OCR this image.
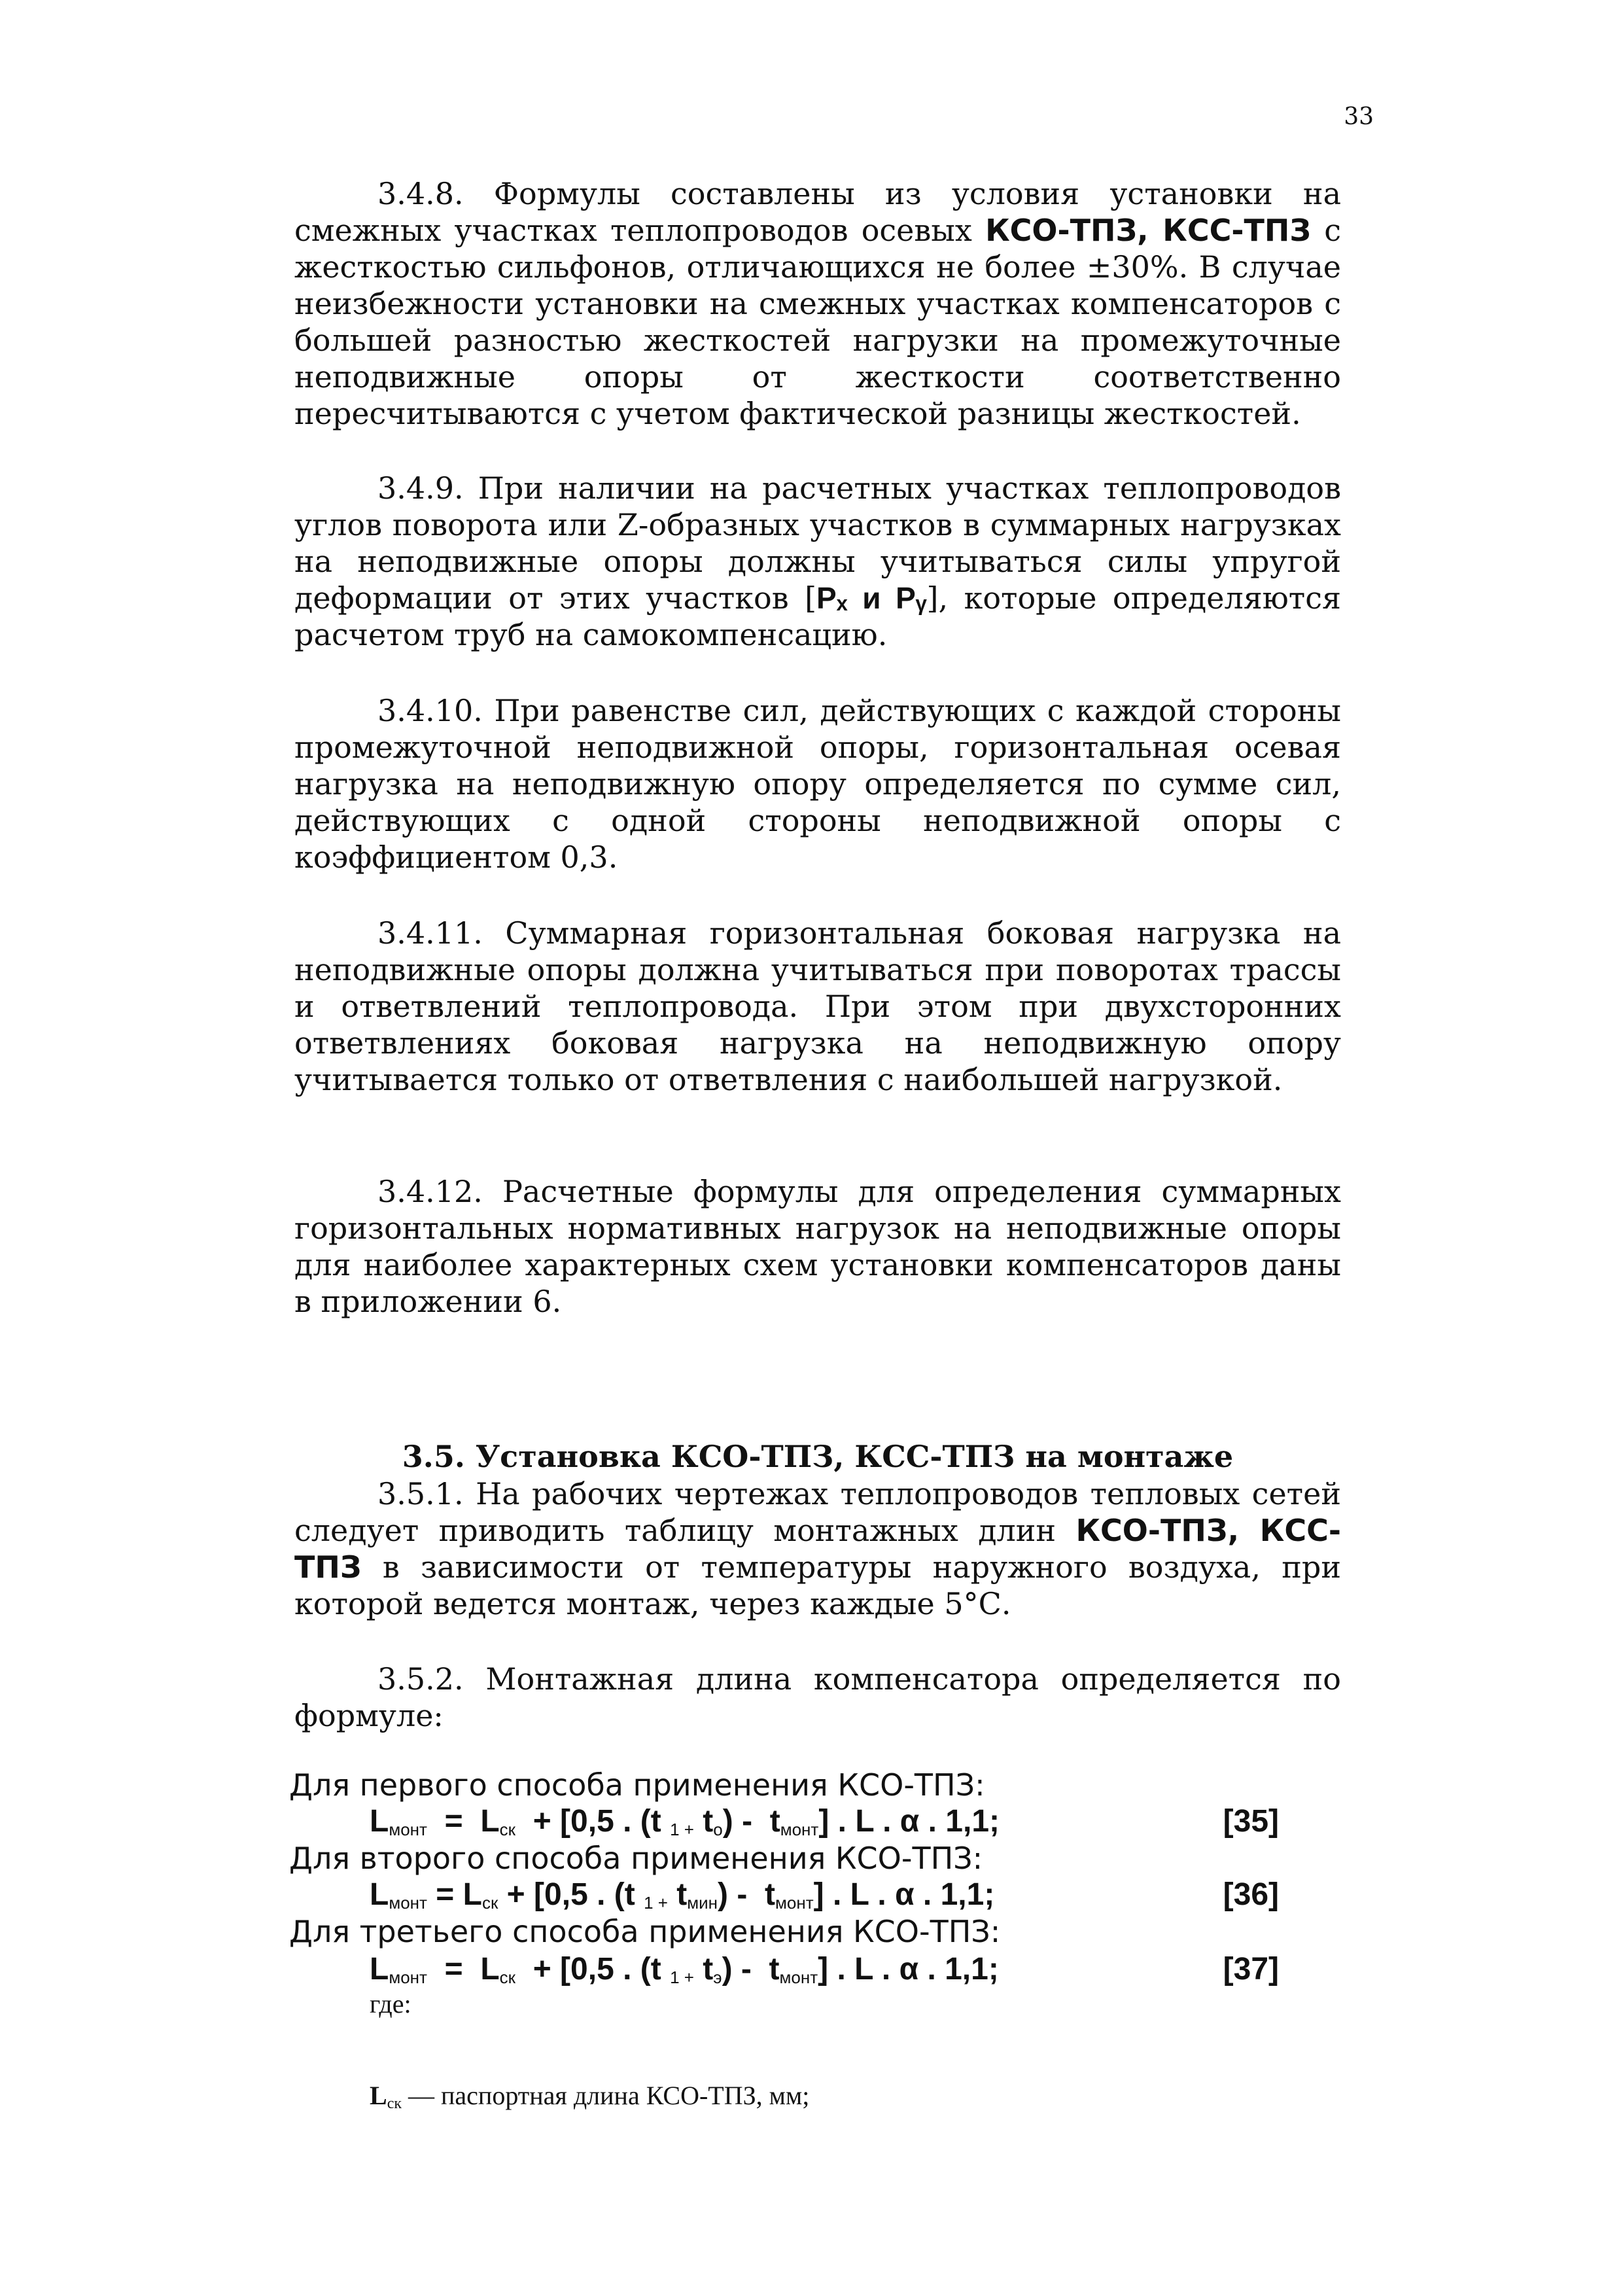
33

3.4.8. Формулы составлены из условия установки на смежных участках теплопроводов осевых КСО-ТПЗ, КСС-ТПЗ с жесткостью сильфонов, отличающихся не более ±30%. В случае неизбежности установки на смежных участках компенсаторов с большей разностью жесткостей нагрузки на промежуточные неподвижные опоры от жесткости соответственно пересчитываются с учетом фактической разницы жесткостей.

3.4.9. При наличии на расчетных участках теплопроводов углов поворота или Z-образных участков в суммарных нагрузках на неподвижные опоры должны учитываться силы упругой деформации от этих участков [Pₓ и Pᵧ], которые определяются расчетом труб на самокомпенсацию.

3.4.10. При равенстве сил, действующих с каждой стороны промежуточной неподвижной опоры, горизонтальная осевая нагрузка на неподвижную опору определяется по сумме сил, действующих с одной стороны неподвижной опоры с коэффициентом 0,3.

3.4.11. Суммарная горизонтальная боковая нагрузка на неподвижные опоры должна учитываться при поворотах трассы и ответвлений теплопровода. При этом при двухсторонних ответвлениях боковая нагрузка на неподвижную опору учитывается только от ответвления с наибольшей нагрузкой.

3.4.12. Расчетные формулы для определения суммарных горизонтальных нормативных нагрузок на неподвижные опоры для наиболее характерных схем установки компенсаторов даны в приложении 6.

3.5. Установка КСО-ТПЗ, КСС-ТПЗ на монтаже

3.5.1. На рабочих чертежах теплопроводов тепловых сетей следует приводить таблицу монтажных длин КСО-ТПЗ, КСС-ТПЗ в зависимости от температуры наружного воздуха, при которой ведется монтаж, через каждые 5°С.

3.5.2. Монтажная длина компенсатора определяется по формуле:

Для первого способа применения КСО-ТПЗ:
$L_{монт} = L_{ск} + [0,5$ . (t $_{1 +}$ $t_о) - t_{монт}$] . L . α . 1,1;	[35]
Для второго способа применения КСО-ТПЗ:
$L_{монт} = L_{ск} + [0,5$ . (t $_{1 +}$ $t_{мин}) - t_{монт}$] . L . α . 1,1;	[36]
Для третьего способа применения КСО-ТПЗ:
$L_{монт} = L_{ск} + [0,5$ . (t $_{1 +}$ $t_э) - t_{монт}$] . L . α . 1,1;	[37]
где:
$L_{ск}$ — паспортная длина КСО-ТПЗ, мм;
